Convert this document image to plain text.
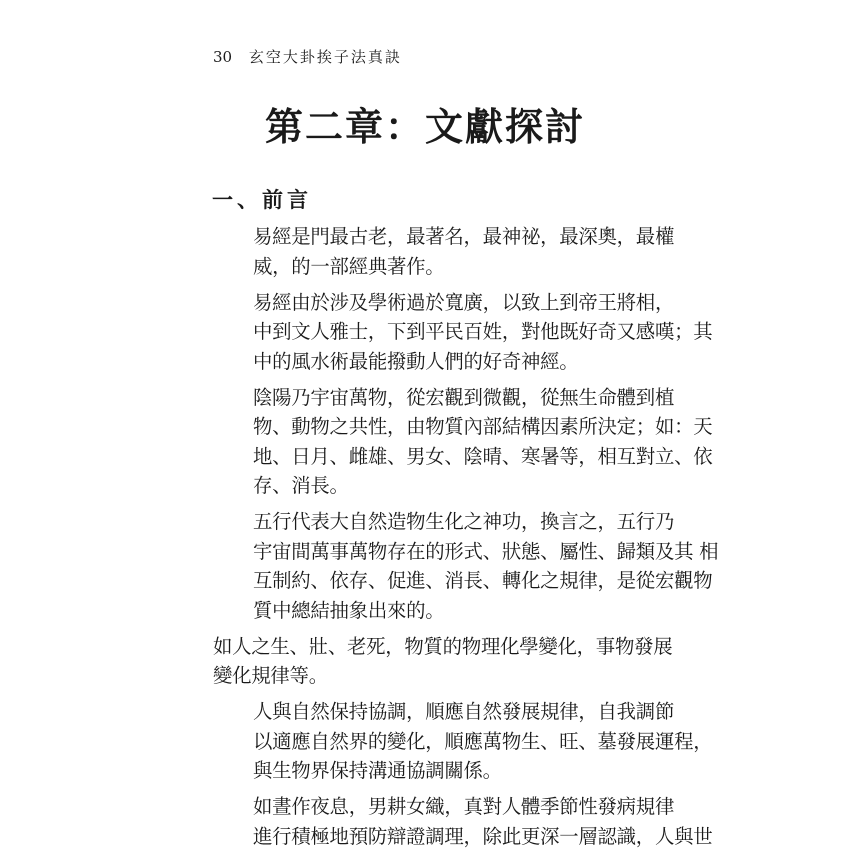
30 玄空大卦挨子法真訣
第二章：文獻探討
一、前言

易經是門最古老，最著名，最神祕，最深奧，最權
威，的一部經典著作。

易經由於涉及學術過於寬廣，以致上到帝王將相，
中到文人雅士，下到平民百姓，對他既好奇又感嘆；其
中的風水術最能撥動人們的好奇神經。

陰陽乃宇宙萬物，從宏觀到微觀，從無生命體到植
物、動物之共性，由物質內部結構因素所決定；如：天
地、日月、雌雄、男女、陰晴、寒暑等，相互對立、依
存、消長。

五行代表大自然造物生化之神功，換言之，五行乃
宇宙間萬事萬物存在的形式、狀態、屬性、歸類及其 相
互制約、依存、促進、消長、轉化之規律，是從宏觀物
質中總結抽象出來的。

如人之生、壯、老死，物質的物理化學變化，事物發展
變化規律等。

人與自然保持協調，順應自然發展規律，自我調節
以適應自然界的變化，順應萬物生、旺、墓發展運程，
與生物界保持溝通協調關係。

如晝作夜息，男耕女織，真對人體季節性發病規律
進行積極地預防辯證調理，除此更深一層認識，人與世
